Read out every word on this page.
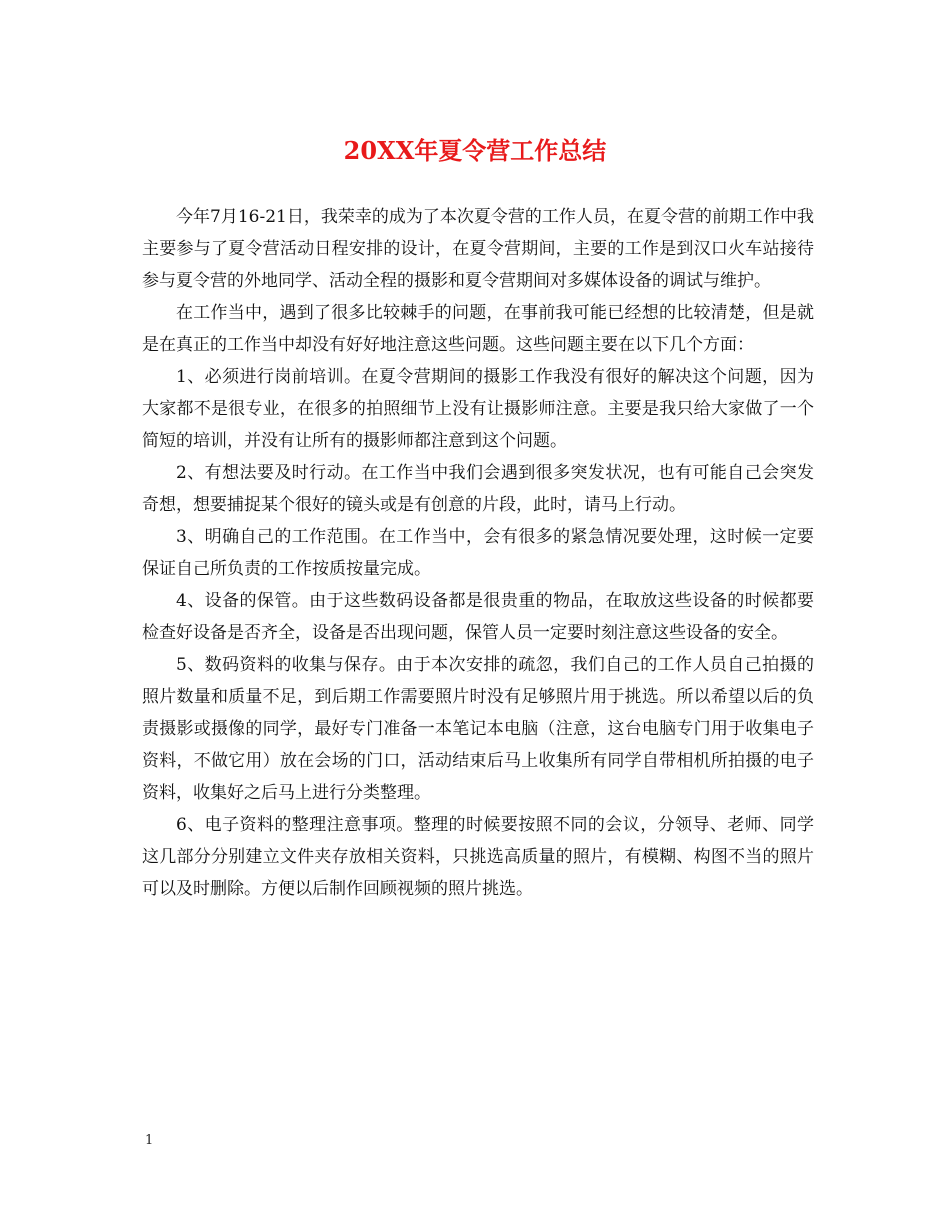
20XX年夏令营工作总结

今年7月16-21日，我荣幸的成为了本次夏令营的工作人员，在夏令营的前期工作中我主要参与了夏令营活动日程安排的设计，在夏令营期间，主要的工作是到汉口火车站接待参与夏令营的外地同学、活动全程的摄影和夏令营期间对多媒体设备的调试与维护。

在工作当中，遇到了很多比较棘手的问题，在事前我可能已经想的比较清楚，但是就是在真正的工作当中却没有好好地注意这些问题。这些问题主要在以下几个方面：

1、必须进行岗前培训。在夏令营期间的摄影工作我没有很好的解决这个问题，因为大家都不是很专业，在很多的拍照细节上没有让摄影师注意。主要是我只给大家做了一个简短的培训，并没有让所有的摄影师都注意到这个问题。

2、有想法要及时行动。在工作当中我们会遇到很多突发状况，也有可能自己会突发奇想，想要捕捉某个很好的镜头或是有创意的片段，此时，请马上行动。

3、明确自己的工作范围。在工作当中，会有很多的紧急情况要处理，这时候一定要保证自己所负责的工作按质按量完成。

4、设备的保管。由于这些数码设备都是很贵重的物品，在取放这些设备的时候都要检查好设备是否齐全，设备是否出现问题，保管人员一定要时刻注意这些设备的安全。

5、数码资料的收集与保存。由于本次安排的疏忽，我们自己的工作人员自己拍摄的照片数量和质量不足，到后期工作需要照片时没有足够照片用于挑选。所以希望以后的负责摄影或摄像的同学，最好专门准备一本笔记本电脑（注意，这台电脑专门用于收集电子资料，不做它用）放在会场的门口，活动结束后马上收集所有同学自带相机所拍摄的电子资料，收集好之后马上进行分类整理。

6、电子资料的整理注意事项。整理的时候要按照不同的会议，分领导、老师、同学这几部分分别建立文件夹存放相关资料，只挑选高质量的照片，有模糊、构图不当的照片可以及时删除。方便以后制作回顾视频的照片挑选。

1
